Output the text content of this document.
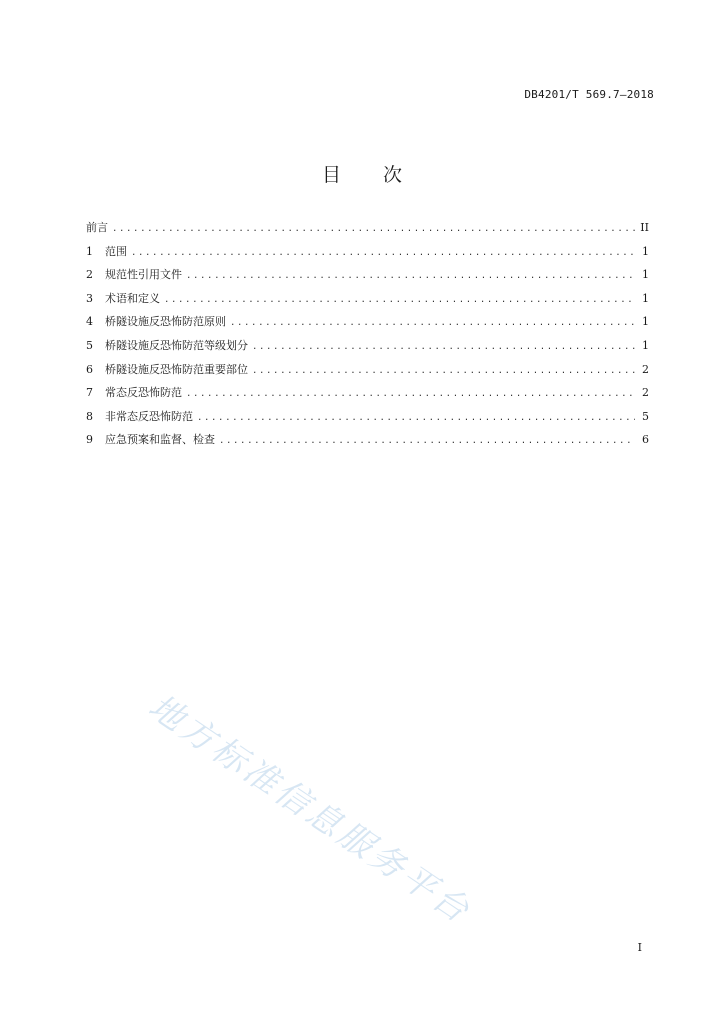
DB4201/T 569.7—2018
目 次
前言 .....	II
1	范围 .....	1
2	规范性引用文件 .....	1
3	术语和定义 .....	1
4	桥隧设施反恐怖防范原则 .....	1
5	桥隧设施反恐怖防范等级划分 .....	1
6	桥隧设施反恐怖防范重要部位 .....	2
7	常态反恐怖防范 .....	2
8	非常态反恐怖防范 .....	5
9	应急预案和监督、检查 .....	6
地方标准信息服务平台
I
